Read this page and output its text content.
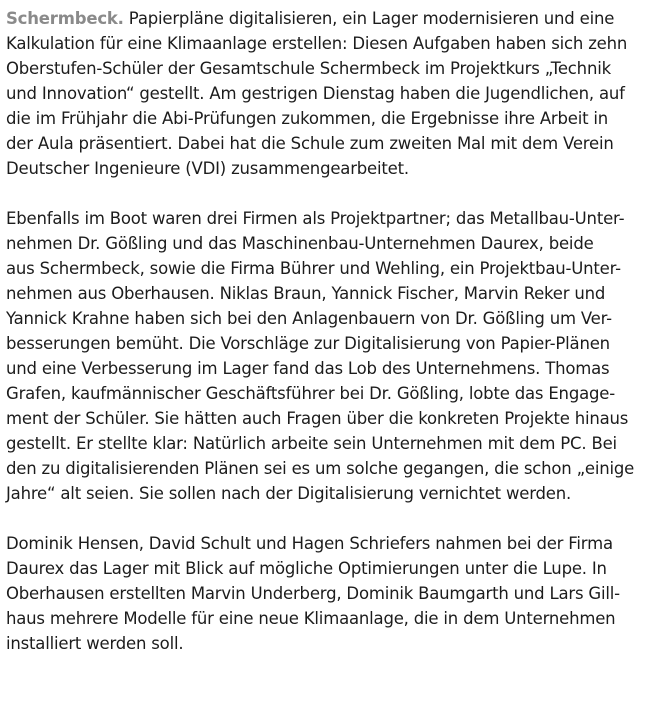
Schermbeck. Papierpläne digitalisieren, ein Lager modernisieren und eine
Kalkulation für eine Klimaanlage erstellen: Diesen Aufgaben haben sich zehn
Oberstufen-Schüler der Gesamtschule Schermbeck im Projektkurs „Technik
und Innovation“ gestellt. Am gestrigen Dienstag haben die Jugendlichen, auf
die im Frühjahr die Abi-Prüfungen zukommen, die Ergebnisse ihre Arbeit in
der Aula präsentiert. Dabei hat die Schule zum zweiten Mal mit dem Verein
Deutscher Ingenieure (VDI) zusammengearbeitet.

Ebenfalls im Boot waren drei Firmen als Projektpartner; das Metallbau-Unter-
nehmen Dr. Gößling und das Maschinenbau-Unternehmen Daurex, beide
aus Schermbeck, sowie die Firma Bührer und Wehling, ein Projektbau-Unter-
nehmen aus Oberhausen. Niklas Braun, Yannick Fischer, Marvin Reker und
Yannick Krahne haben sich bei den Anlagenbauern von Dr. Gößling um Ver-
besserungen bemüht. Die Vorschläge zur Digitalisierung von Papier-Plänen
und eine Verbesserung im Lager fand das Lob des Unternehmens. Thomas
Grafen, kaufmännischer Geschäftsführer bei Dr. Gößling, lobte das Engage-
ment der Schüler. Sie hätten auch Fragen über die konkreten Projekte hinaus
gestellt. Er stellte klar: Natürlich arbeite sein Unternehmen mit dem PC. Bei
den zu digitalisierenden Plänen sei es um solche gegangen, die schon „einige
Jahre“ alt seien. Sie sollen nach der Digitalisierung vernichtet werden.

Dominik Hensen, David Schult und Hagen Schriefers nahmen bei der Firma
Daurex das Lager mit Blick auf mögliche Optimierungen unter die Lupe. In
Oberhausen erstellten Marvin Underberg, Dominik Baumgarth und Lars Gill-
haus mehrere Modelle für eine neue Klimaanlage, die in dem Unternehmen
installiert werden soll.
